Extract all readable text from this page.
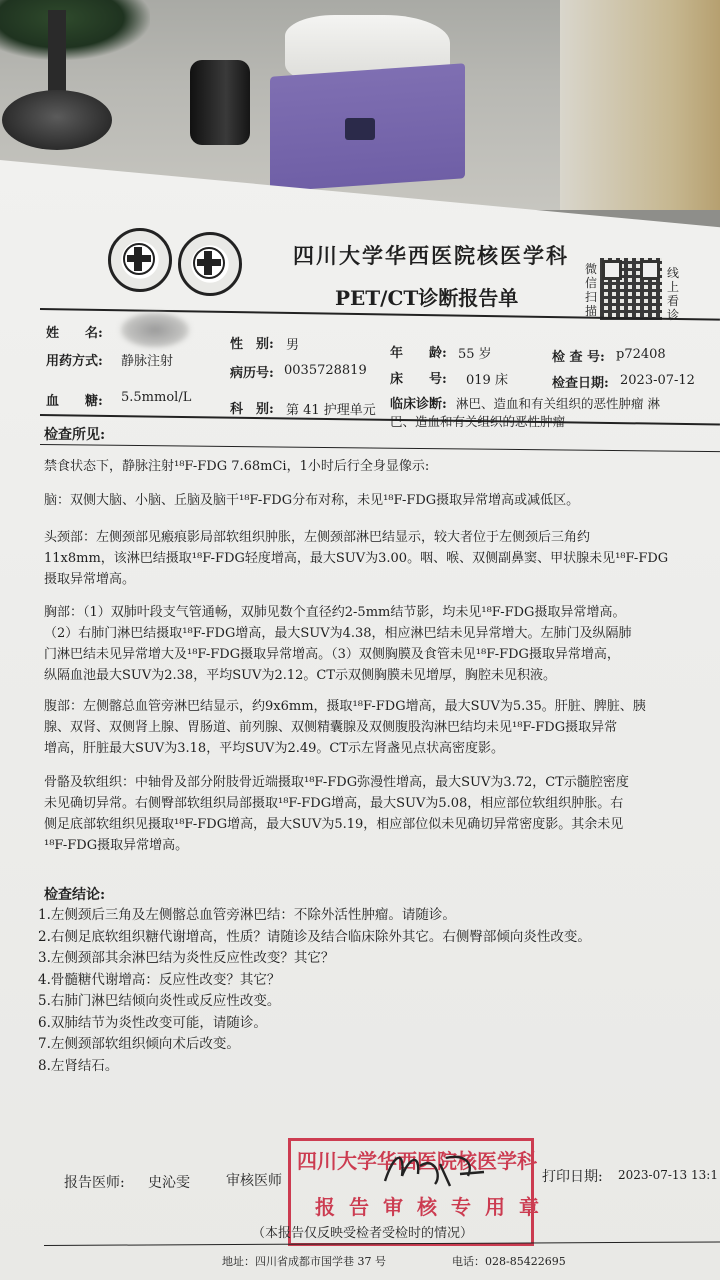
四川大学华西医院核医学科
PET/CT诊断报告单
微
信
扫
描
线
上
看
诊
姓　　名:
性　别: 男
年　　龄: 55 岁	检 查 号: p72408
用药方式: 静脉注射
病历号: 0035728819
床　　号: 019 床	检查日期: 2023-07-12
血　　糖: 5.5mmol/L
科　别: 第 41 护理单元 临床诊断: 淋巴、造血和有关组织的恶性肿瘤 淋
巴、造血和有关组织的恶性肿瘤
检查所见:
禁食状态下，静脉注射¹⁸F-FDG 7.68mCi，1小时后行全身显像示:
脑：双侧大脑、小脑、丘脑及脑干¹⁸F-FDG分布对称，未见¹⁸F-FDG摄取异常增高或减低区。
头颈部：左侧颈部见瘢痕影局部软组织肿胀，左侧颈部淋巴结显示，较大者位于左侧颈后三角约
11x8mm，该淋巴结摄取¹⁸F-FDG轻度增高，最大SUV为3.00。咽、喉、双侧副鼻窦、甲状腺未见¹⁸F-FDG
摄取异常增高。
胸部：（1）双肺叶段支气管通畅，双肺见数个直径约2-5mm结节影，均未见¹⁸F-FDG摄取异常增高。
（2）右肺门淋巴结摄取¹⁸F-FDG增高，最大SUV为4.38，相应淋巴结未见异常增大。左肺门及纵隔肺
门淋巴结未见异常增大及¹⁸F-FDG摄取异常增高。（3）双侧胸膜及食管未见¹⁸F-FDG摄取异常增高，
纵隔血池最大SUV为2.38，平均SUV为2.12。CT示双侧胸膜未见增厚，胸腔未见积液。
腹部：左侧髂总血管旁淋巴结显示，约9x6mm，摄取¹⁸F-FDG增高，最大SUV为5.35。肝脏、脾脏、胰
腺、双肾、双侧肾上腺、胃肠道、前列腺、双侧精囊腺及双侧腹股沟淋巴结均未见¹⁸F-FDG摄取异常
增高，肝脏最大SUV为3.18，平均SUV为2.49。CT示左肾盏见点状高密度影。
骨骼及软组织：中轴骨及部分附肢骨近端摄取¹⁸F-FDG弥漫性增高，最大SUV为3.72，CT示髓腔密度
未见确切异常。右侧臀部软组织局部摄取¹⁸F-FDG增高，最大SUV为5.08，相应部位软组织肿胀。右
侧足底部软组织见摄取¹⁸F-FDG增高，最大SUV为5.19，相应部位似未见确切异常密度影。其余未见
¹⁸F-FDG摄取异常增高。
检查结论:
1.左侧颈后三角及左侧髂总血管旁淋巴结：不除外活性肿瘤。请随诊。
2.右侧足底软组织糖代谢增高，性质？请随诊及结合临床除外其它。右侧臀部倾向炎性改变。
3.左侧颈部其余淋巴结为炎性反应性改变？其它？
4.骨髓糖代谢增高：反应性改变？其它？
5.右肺门淋巴结倾向炎性或反应性改变。
6.双肺结节为炎性改变可能，请随诊。
7.左侧颈部软组织倾向术后改变。
8.左肾结石。
报告医师: 史沁雯	审核医师
四川大学华西医院核医学科
报告审核专用章
打印日期: 2023-07-13 13:1
（本报告仅反映受检者受检时的情况）
地址：四川省成都市国学巷 37 号　　　　　　	电话：028-85422695
